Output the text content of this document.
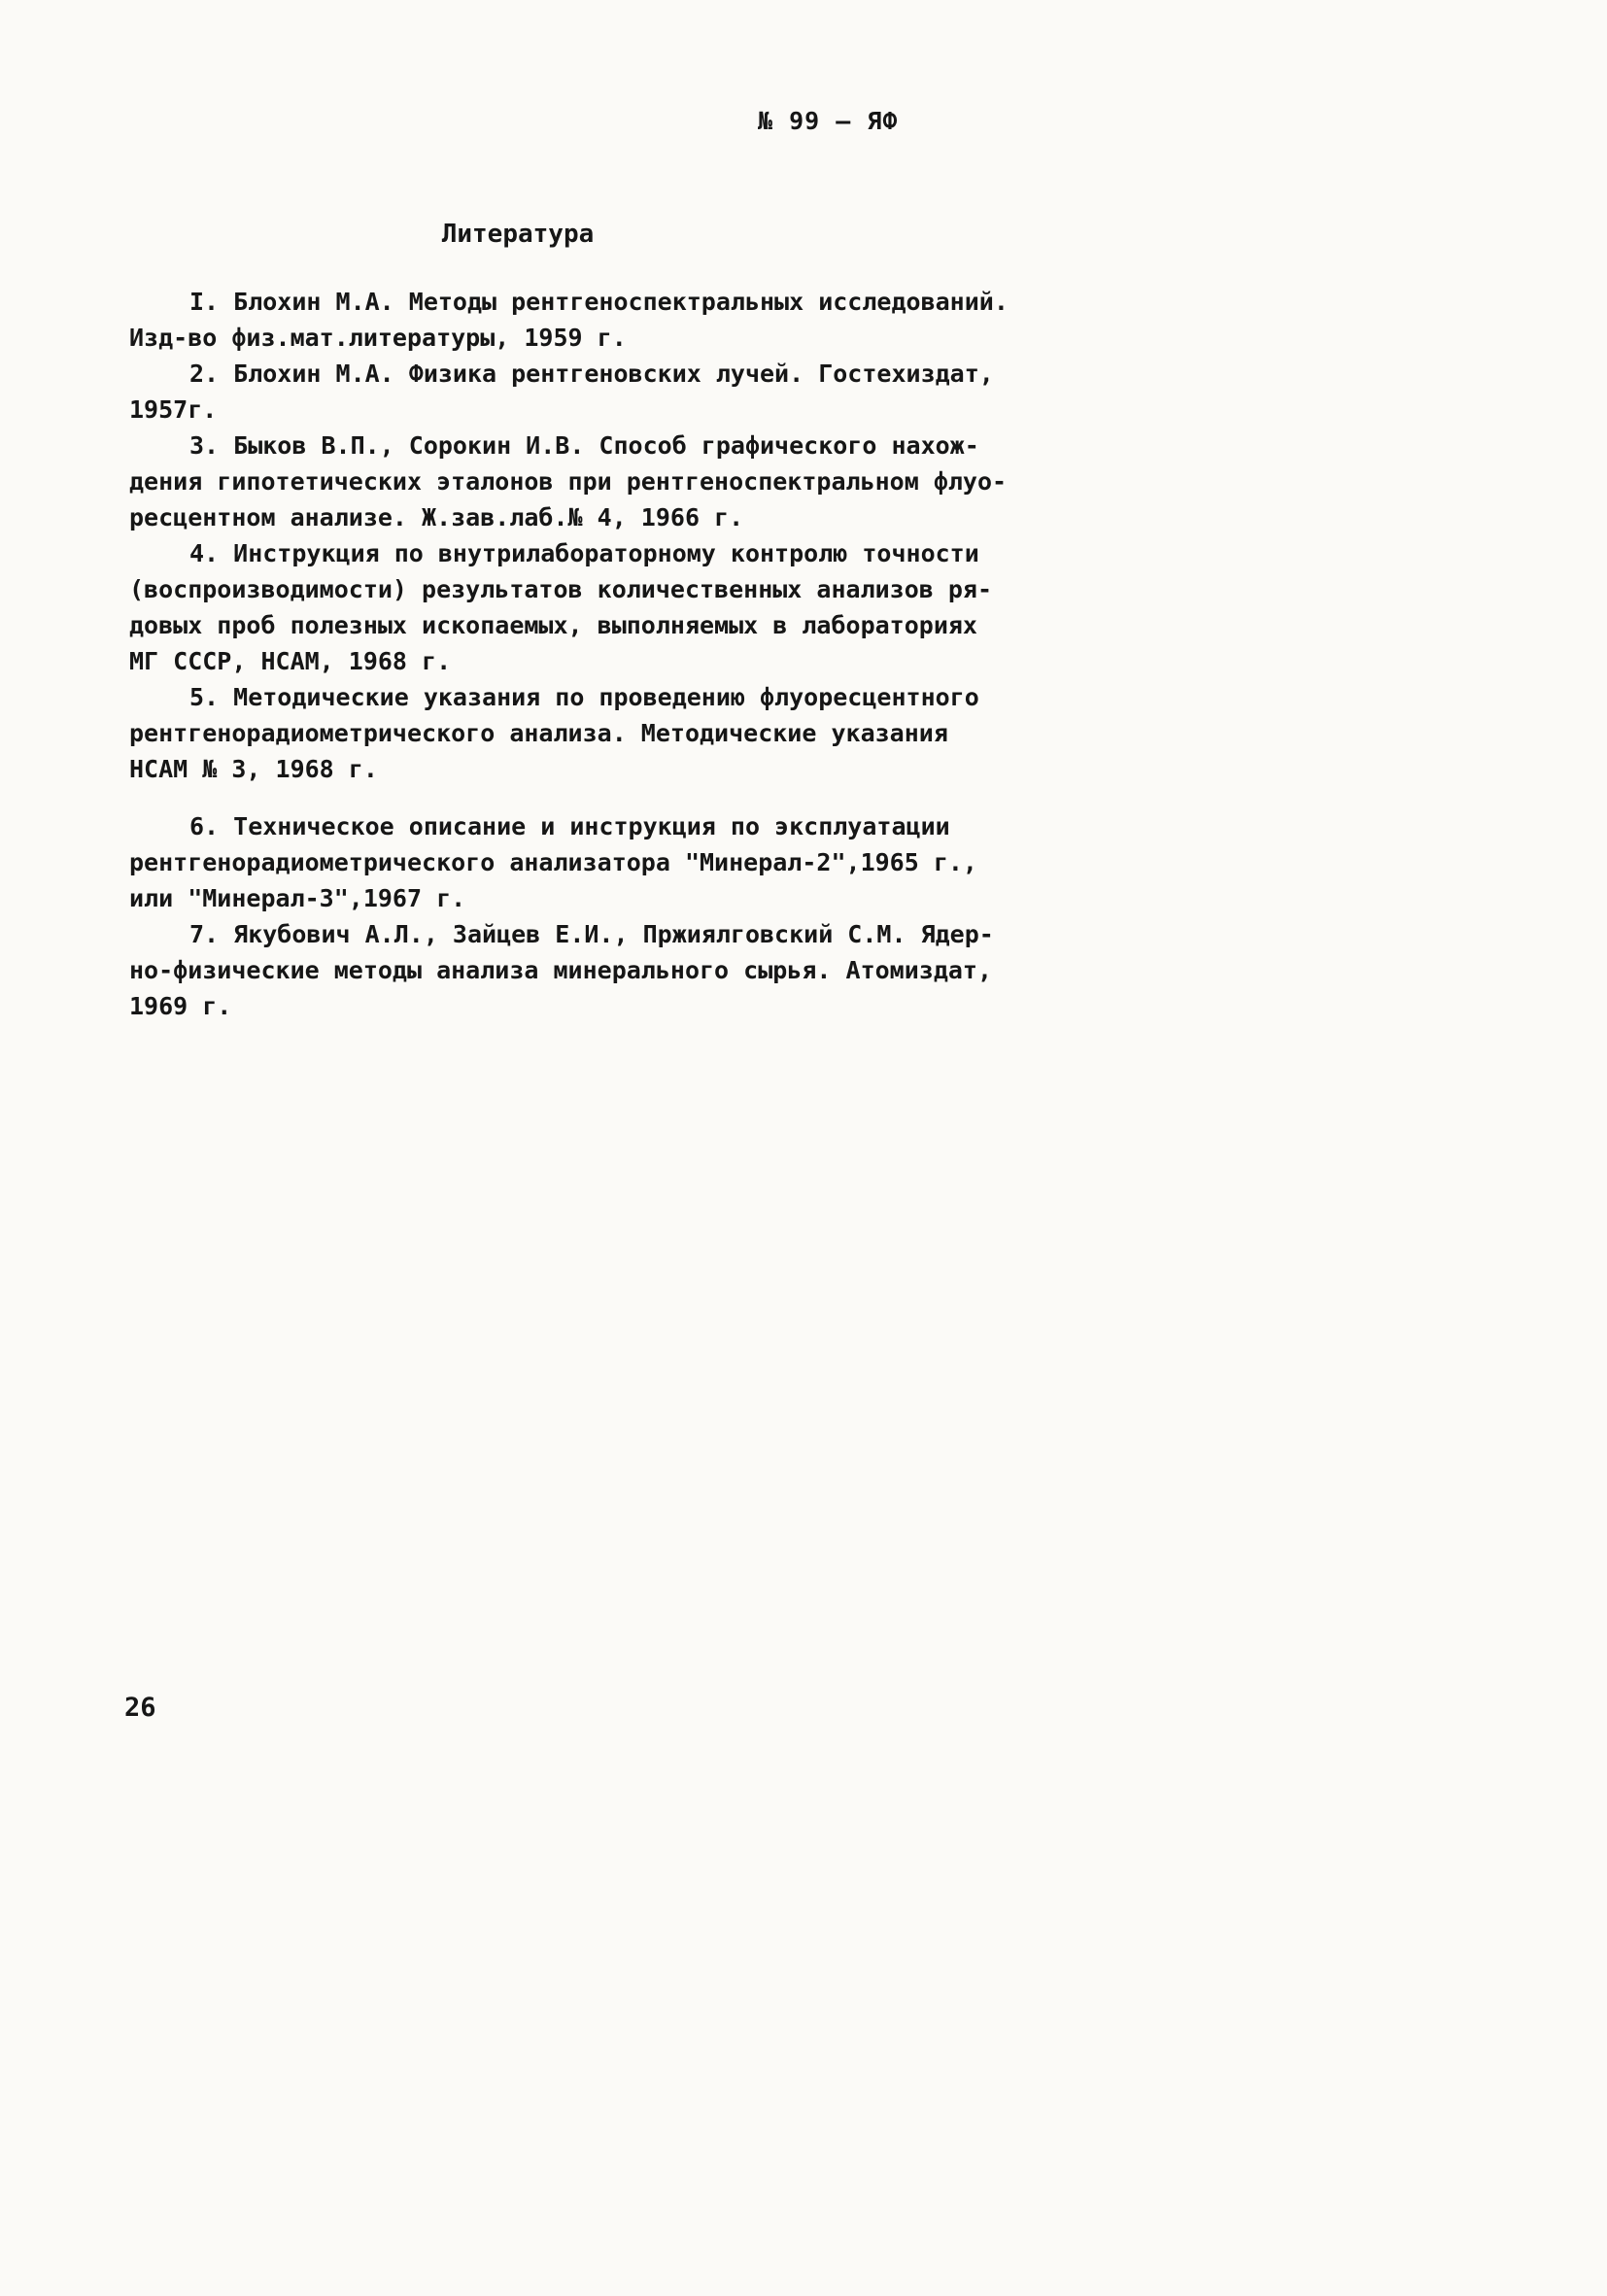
№ 99 – ЯФ
Литература
I. Блохин М.А. Методы рентгеноспектральных исследований.
Изд-во физ.мат.литературы, 1959 г.
2. Блохин М.А. Физика рентгеновских лучей. Гостехиздат,
1957г.
3. Быков В.П., Сорокин И.В. Способ графического нахож-
дения гипотетических эталонов при рентгеноспектральном флуо-
ресцентном анализе. Ж.зав.лаб.№ 4, 1966 г.
4. Инструкция по внутрилабораторному контролю точности
(воспроизводимости) результатов количественных анализов ря-
довых проб полезных ископаемых, выполняемых в лабораториях
МГ СССР, НСАМ, 1968 г.
5. Методические указания по проведению флуоресцентного
рентгенорадиометрического анализа. Методические указания
НСАМ № 3, 1968 г.
6. Техническое описание и инструкция по эксплуатации
рентгенорадиометрического анализатора "Минерал-2",1965 г.,
или "Минерал-3",1967 г.
7. Якубович А.Л., Зайцев Е.И., Пржиялговский С.М. Ядер-
но-физические методы анализа минерального сырья. Атомиздат,
1969 г.
26
